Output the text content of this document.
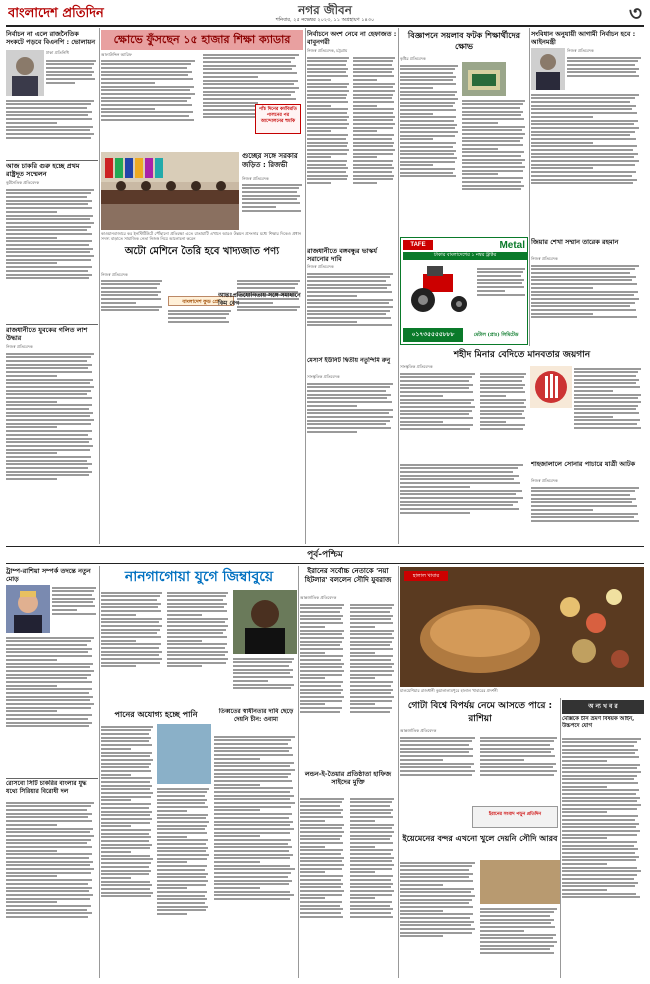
বাংলাদেশ প্রতিদিন	নগর জীবন
শনিবার, ২৫ নভেম্বর ২০২৩, ১১ অগ্রহায়ণ ১৪৩০	৩
নির্বাচন না এলে রাজনৈতিক সংকটে পড়বে বিএনপি : ভোলায়ন
ঢাকা প্রতিনিধি
আজ চাকরি গুরু হচ্ছে প্রথম রাষ্ট্রদূত সম্মেলন
কূটনৈতিক প্রতিবেদক
রাজধানীতে যুবকের গলিত লাশ উদ্ধার
নিজস্ব প্রতিবেদক
ক্ষোভে ফুঁসছেন ১৫ হাজার শিক্ষা ক্যাডার
আলাউদ্দিন আরিফ
পাঁচ দিনের কর্মবিরতি পালনের পর আন্দোলনের হুমকি
কাওয়ানবাজারে কর ইনস্টিটিউটে পৌঁছানো প্রতিরক্ষা এতে রাঙামাটি এখানে আরও উন্নয়ন প্রসংসার মধ্যে শিক্ষার দিকেও প্রধান সদস্য বাড়াতে সামাজিক নেতা নিজস্ব নিয়ে আলোচনা করেন
গুচ্ছের সঙ্গে সরকার জড়িত : রিজভী
নিজস্ব প্রতিবেদক
অটো মেশিনে তৈরি হবে খাদ্যজাত পণ্য
নিজস্ব প্রতিবেদক
বাংলাদেশ ফুড প্রো
আন্তঃপ্রতিযোগিতায় সঙ্গে সমাধানে কিম বেগ
নির্বাচনে অংশ নেবে না হেফাজত : বাবুনগরী
নিজস্ব প্রতিবেদক, চট্টগ্রাম
রাজধানীতে বঙ্গবন্ধুর ভাস্কর্য সরানোর দাবি
নিজস্ব প্রতিবেদক
মেসার্স ইউনিট দ্বিতীয় নতুন্দিমি রুনু
সাংস্কৃতিক প্রতিবেদক
বিজ্ঞাপনে সয়লাব ফটক শিক্ষার্থীদের ক্ষোভ
কৃষ্টির প্রতিবেদক
TAFE	Metal
টাকার বাংলাদেশের ১ নম্বর ট্রাক্টর
০১৭৩৫৫৫৫৮৮৮	মেটাল (প্রাঃ) লিমিটেড
শহীদ মিনার বেদিতে মানবতার জয়গান
সাংস্কৃতিক প্রতিবেদক
সংবিধান অনুযায়ী আগামী নির্বাচন হবে : আইনমন্ত্রী
নিজস্ব প্রতিবেদক
জিয়ার শেখা সম্মান তারেক রহমান
নিজস্ব প্রতিবেদক
শাহজালালে সোনার পাচারে যাত্রী আটক
নিজস্ব প্রতিবেদক
পূর্ব-পশ্চিম
ট্রাম্প-রাশিয়া সম্পর্ক তদন্তে নতুন মোড়
রোসবো সিটি চাকরির বাংলার যুদ্ধ যথ্যে সিরিয়ার বিরোধী দল
নানগাগোয়া যুগে জিম্বাবুয়ে
পানের অযোগ্য হচ্ছে পানি	তিব্বতের স্বাধীনতার দাবি ছেড়ে দেয়নি চীন: ওবামা
ইরানের সর্বোচ্চ নেতাকে 'নয়া হিটলার' বললেন সৌদি যুবরাজ
আন্তর্জাতিক প্রতিবেদক
লন্ডন-ই-তৈয়ার প্রতিষ্ঠাতা হাফিজ সাইদের মুক্তি
হালাল খাবার
মালয়েশিয়ার রাজধানী কুয়ালালামপুরে হালাল খাবারের প্রদর্শনী
গোটা বিশ্বে বিপর্যয় নেমে আসতে পারে : রাশিয়া
আন্তর্জাতিক প্রতিবেদক
ইরানের সংবাদ পড়ুন প্রতিদিন
ইয়েমেনের বন্দর এখনো খুলে দেয়নি সৌদি আরব
অ ন্য খ ব র
মেক্সিকে চীন ভ্রমণ বিষয়ক আইন, উচ্চপদে যোগ
